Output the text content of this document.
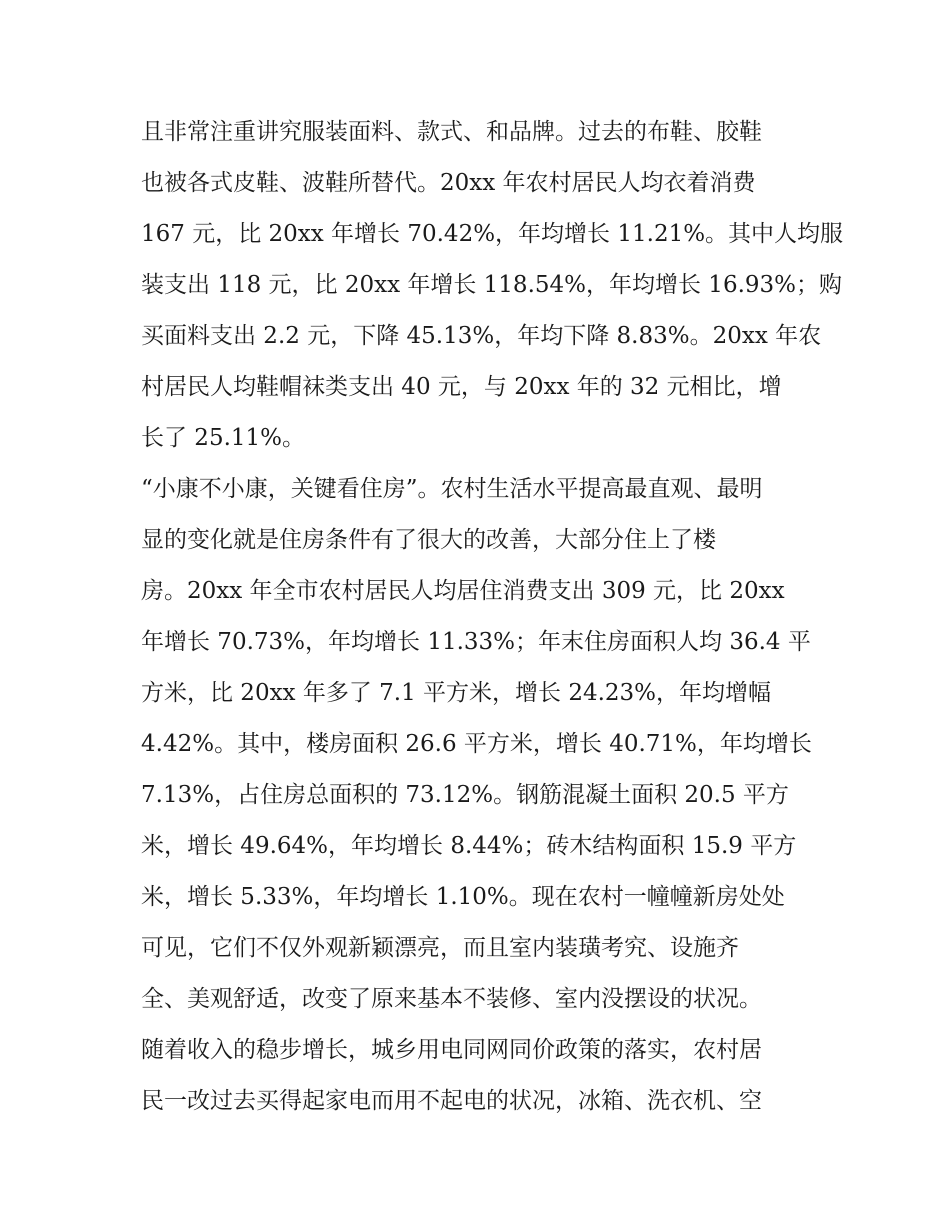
且非常注重讲究服装面料、款式、和品牌。过去的布鞋、胶鞋
也被各式皮鞋、波鞋所替代。20xx 年农村居民人均衣着消费
167 元，比 20xx 年增长 70.42%，年均增长 11.21%。其中人均服
装支出 118 元，比 20xx 年增长 118.54%，年均增长 16.93%；购
买面料支出 2.2 元，下降 45.13%，年均下降 8.83%。20xx 年农
村居民人均鞋帽袜类支出 40 元，与 20xx 年的 32 元相比，增
长了 25.11%。
“小康不小康，关键看住房”。农村生活水平提高最直观、最明
显的变化就是住房条件有了很大的改善，大部分住上了楼
房。20xx 年全市农村居民人均居住消费支出 309 元，比 20xx
年增长 70.73%，年均增长 11.33%；年末住房面积人均 36.4 平
方米，比 20xx 年多了 7.1 平方米，增长 24.23%，年均增幅
4.42%。其中，楼房面积 26.6 平方米，增长 40.71%，年均增长
7.13%，占住房总面积的 73.12%。钢筋混凝土面积 20.5 平方
米，增长 49.64%，年均增长 8.44%；砖木结构面积 15.9 平方
米，增长 5.33%，年均增长 1.10%。现在农村一幢幢新房处处
可见，它们不仅外观新颖漂亮，而且室内装璜考究、设施齐
全、美观舒适，改变了原来基本不装修、室内没摆设的状况。
随着收入的稳步增长，城乡用电同网同价政策的落实，农村居
民一改过去买得起家电而用不起电的状况，冰箱、洗衣机、空
